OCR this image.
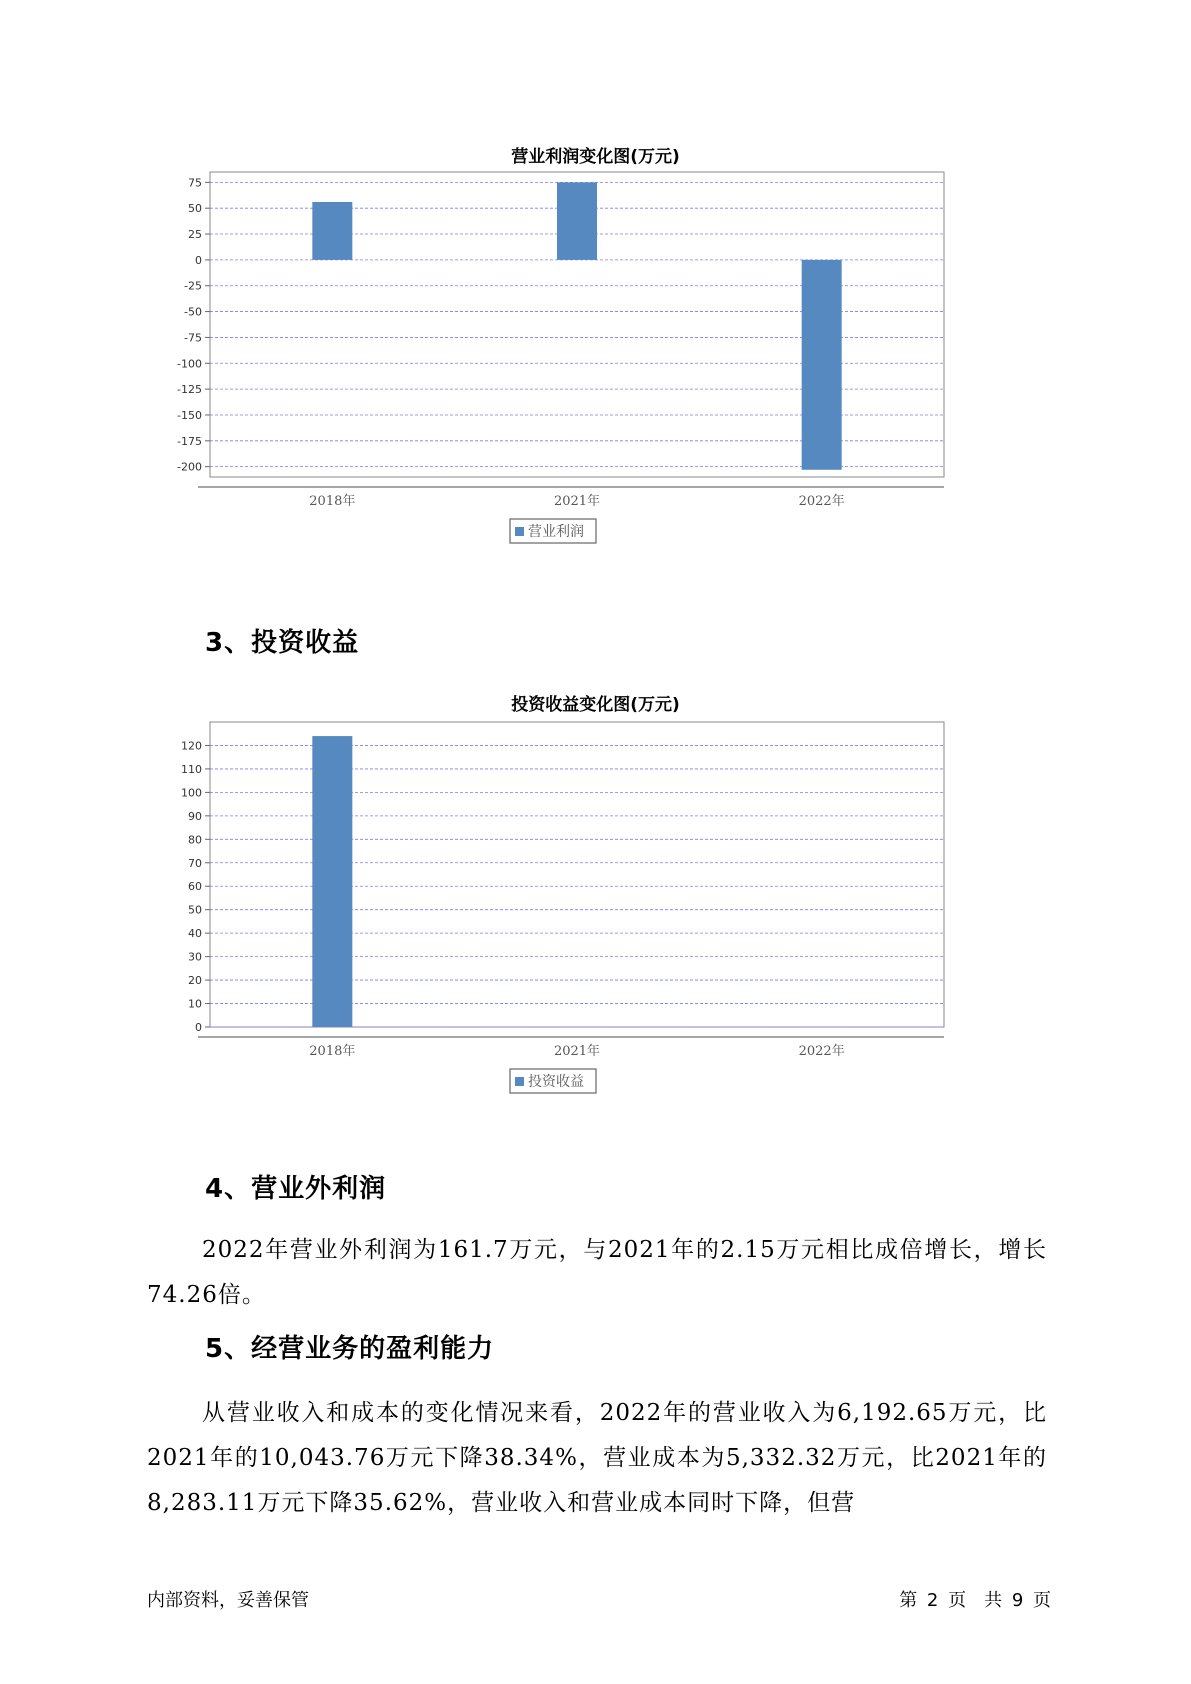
营业利润变化图(万元)
75
50
25
0
-25
-50
-75
-100
-125
-150
-175
-200
2018年	2021年	2022年
营业利润
3、投资收益
投资收益变化图(万元)
120
110
100
90
80
70
60
50
40
30
20
10
0
2018年	2021年	2022年
投资收益
4、营业外利润

2022年营业外利润为161.7万元，与2021年的2.15万元相比成倍增长，增长74.26倍。

5、经营业务的盈利能力

从营业收入和成本的变化情况来看，2022年的营业收入为6,192.65万元，比2021年的10,043.76万元下降38.34%，营业成本为5,332.32万元，比2021年的8,283.11万元下降35.62%，营业收入和营业成本同时下降，但营

内部资料，妥善保管	第 2 页　共 9 页
